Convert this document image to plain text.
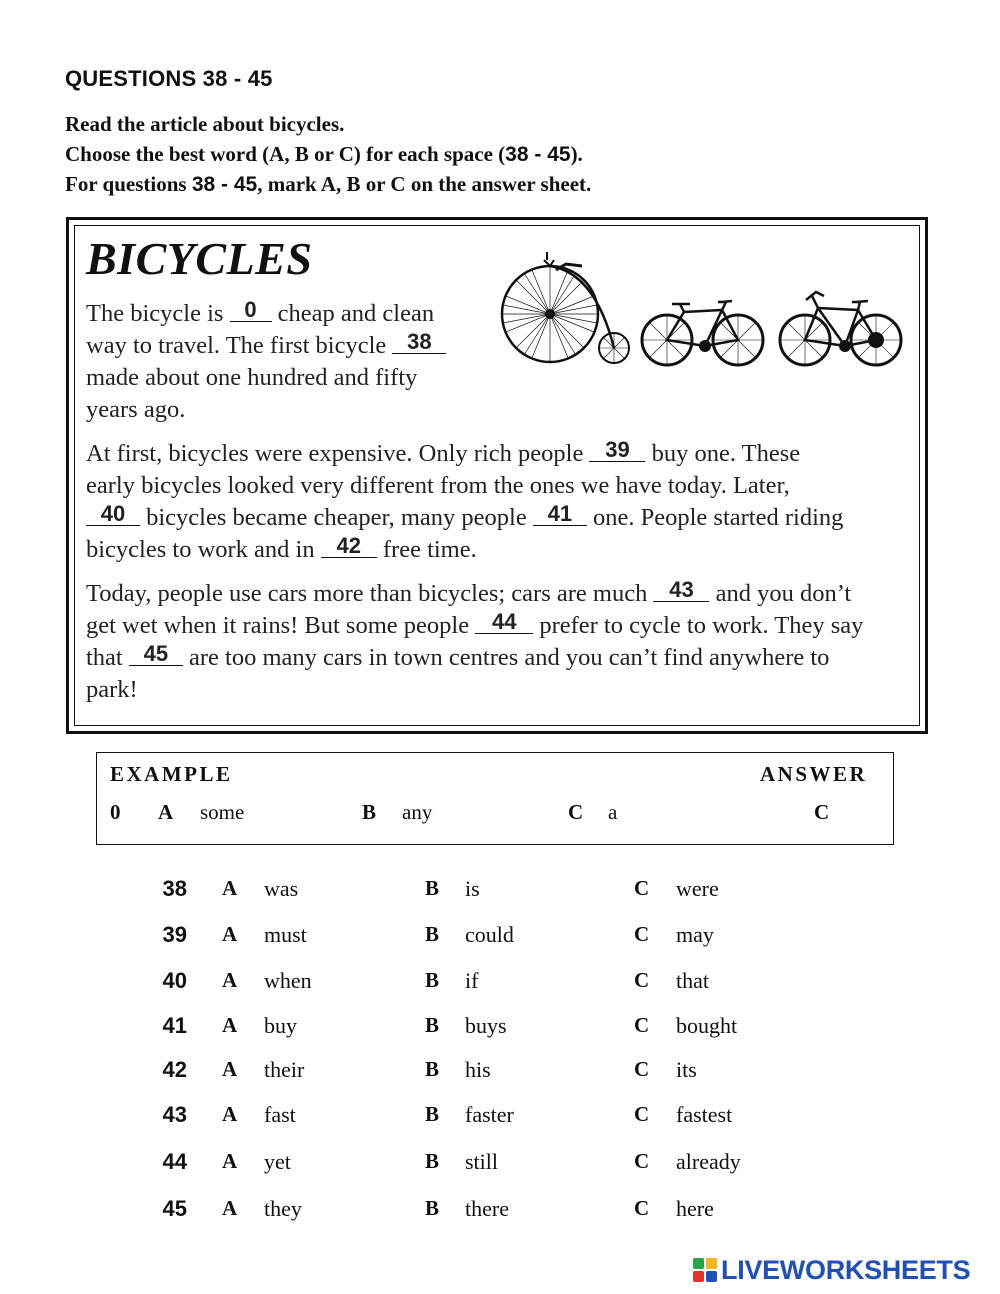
QUESTIONS 38 - 45
Read the article about bicycles.
Choose the best word (A, B or C) for each space (38 - 45).
For questions 38 - 45, mark A, B or C on the answer sheet.
BICYCLES
The bicycle is 0 cheap and clean
way to travel. The first bicycle 38
made about one hundred and fifty
years ago.
At first, bicycles were expensive. Only rich people 39 buy one. These
early bicycles looked very different from the ones we have today. Later,
40 bicycles became cheaper, many people 41 one. People started riding
bicycles to work and in 42 free time.
Today, people use cars more than bicycles; cars are much 43 and you don’t
get wet when it rains! But some people 44 prefer to cycle to work. They say
that 45 are too many cars in town centres and you can’t find anywhere to
park!
EXAMPLE	ANSWER
0 A some	B any	C a	C
38 A was	B is	C were
39 A must	B could	C may
40 A when	B if	C that
41 A buy	B buys	C bought
42 A their	B his	C its
43 A fast	B faster	C fastest
44 A yet	B still	C already
45 A they	B there	C here
LIVEWORKSHEETS
